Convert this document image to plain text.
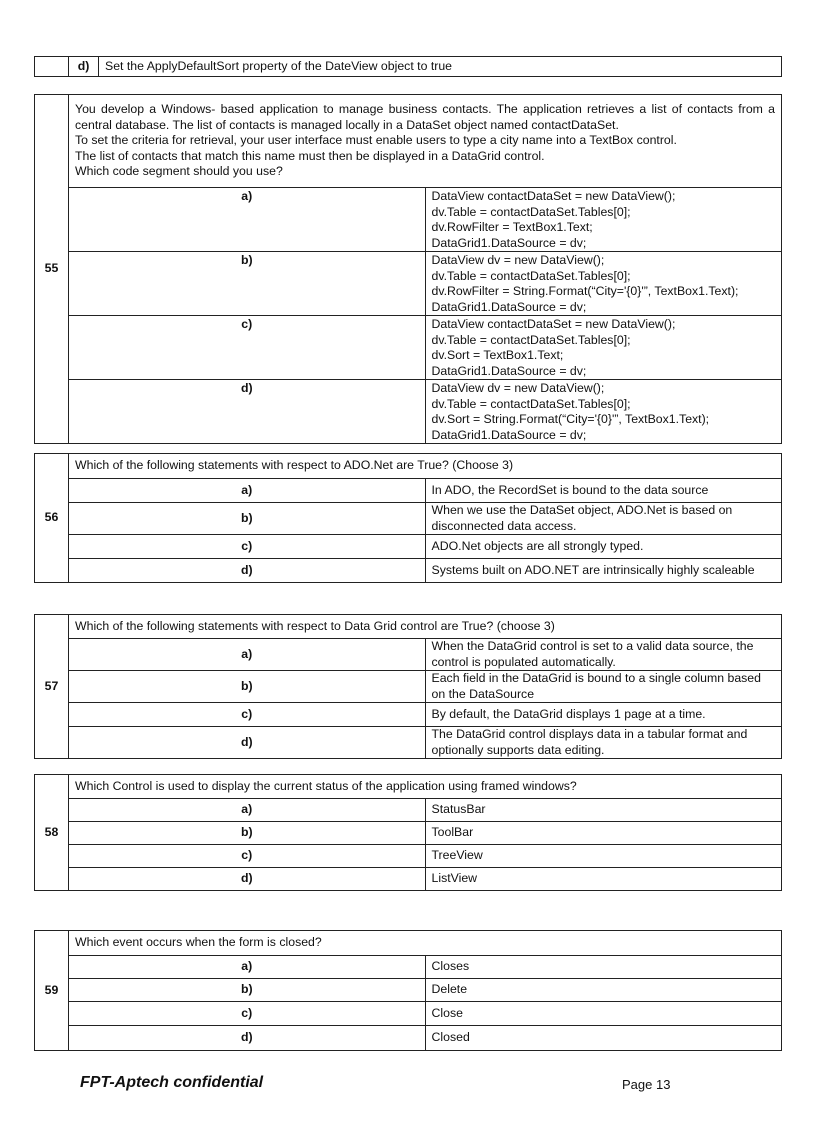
	d)	Set the ApplyDefaultSort property of the DateView object to true
55	You develop a Windows- based application to manage business contacts. The application retrieves a list of contacts from a central database. The list of contacts is managed locally in a DataSet object named contactDataSet.
To set the criteria for retrieval, your user interface must enable users to type a city name into a TextBox control.
The list of contacts that match this name must then be displayed in a DataGrid control.
Which code segment should you use?	

	a)	DataView contactDataSet = new DataView();
dv.Table = contactDataSet.Tables[0];
dv.RowFilter = TextBox1.Text;
DataGrid1.DataSource = dv;

	b)	DataView dv = new DataView();
dv.Table = contactDataSet.Tables[0];
dv.RowFilter = String.Format(“City='{0}'”, TextBox1.Text);
DataGrid1.DataSource = dv;

	c)	DataView contactDataSet = new DataView();
dv.Table = contactDataSet.Tables[0];
dv.Sort = TextBox1.Text;
DataGrid1.DataSource = dv;

	d)	DataView dv = new DataView();
dv.Table = contactDataSet.Tables[0];
dv.Sort = String.Format(“City='{0}'”, TextBox1.Text);
DataGrid1.DataSource = dv;
56	Which of the following statements with respect to ADO.Net are True? (Choose 3)	
	a)	In ADO, the RecordSet is bound to the data source
	b)	When we use the DataSet object, ADO.Net is based on disconnected data access.
	c)	ADO.Net objects are all strongly typed.
	d)	Systems built on ADO.NET are intrinsically highly scaleable
57	Which of the following statements with respect to Data Grid control are True? (choose 3)	
	a)	When the DataGrid control is set to a valid data source, the control is populated automatically.
	b)	Each field in the DataGrid is bound to a single column based on the DataSource
	c)	By default, the DataGrid displays 1 page at a time.
	d)	The DataGrid control displays data in a tabular format and optionally supports data editing.
58	Which Control is used to display the current status of the application using framed windows?	
	a)	StatusBar
	b)	ToolBar
	c)	TreeView
	d)	ListView
59	Which event occurs when the form is closed?	
	a)	Closes
	b)	Delete
	c)	Close
	d)	Closed
FPT-Aptech confidential	Page 13
